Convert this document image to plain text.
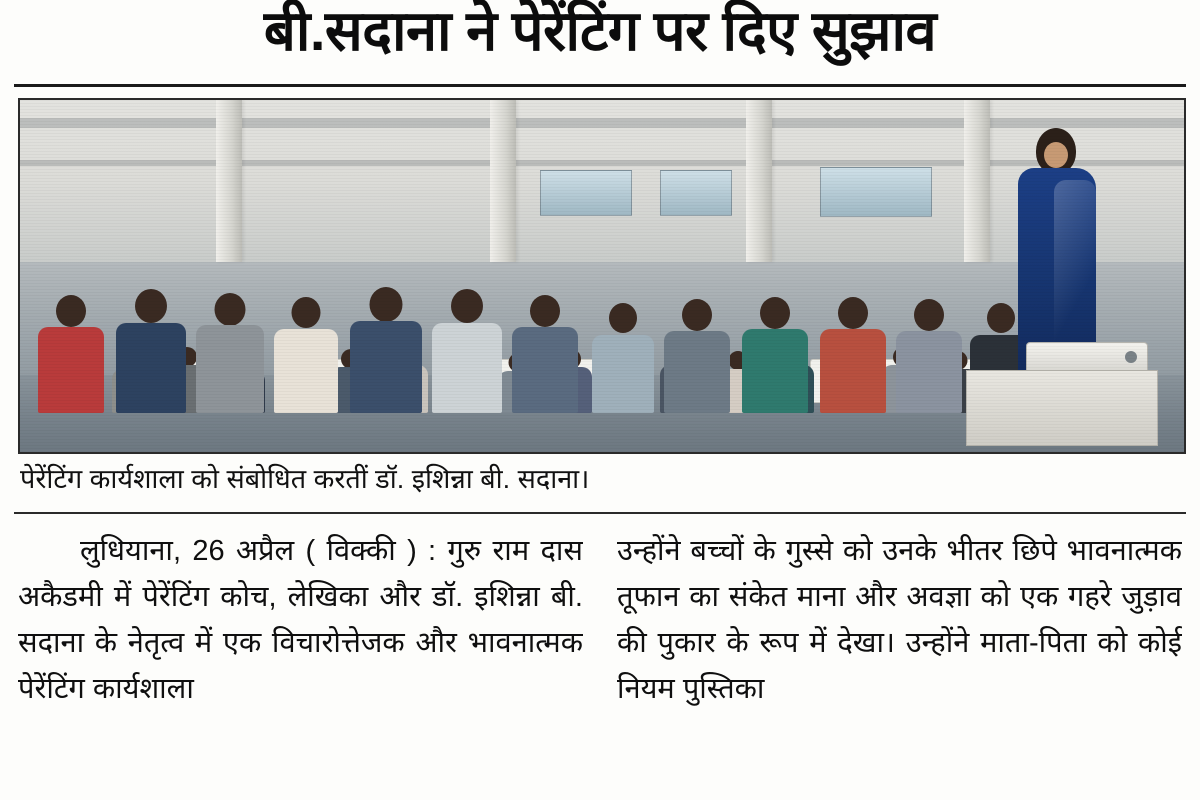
बी.सदाना ने पेरेंटिंग पर दिए सुझाव
पेरेंटिंग कार्यशाला को संबोधित करतीं डॉ. इशिन्ना बी. सदाना।

लुधियाना, 26 अप्रैल ( विक्की ) : गुरु राम दास अकैडमी में पेरेंटिंग कोच, लेखिका और डॉ. इशिन्ना बी. सदाना के नेतृत्व में एक विचारोत्तेजक और भावनात्मक पेरेंटिंग कार्यशाला

उन्होंने बच्चों के गुस्से को उनके भीतर छिपे भावनात्मक तूफान का संकेत माना और अवज्ञा को एक गहरे जुड़ाव की पुकार के रूप में देखा। उन्होंने माता-पिता को कोई नियम पुस्तिका
